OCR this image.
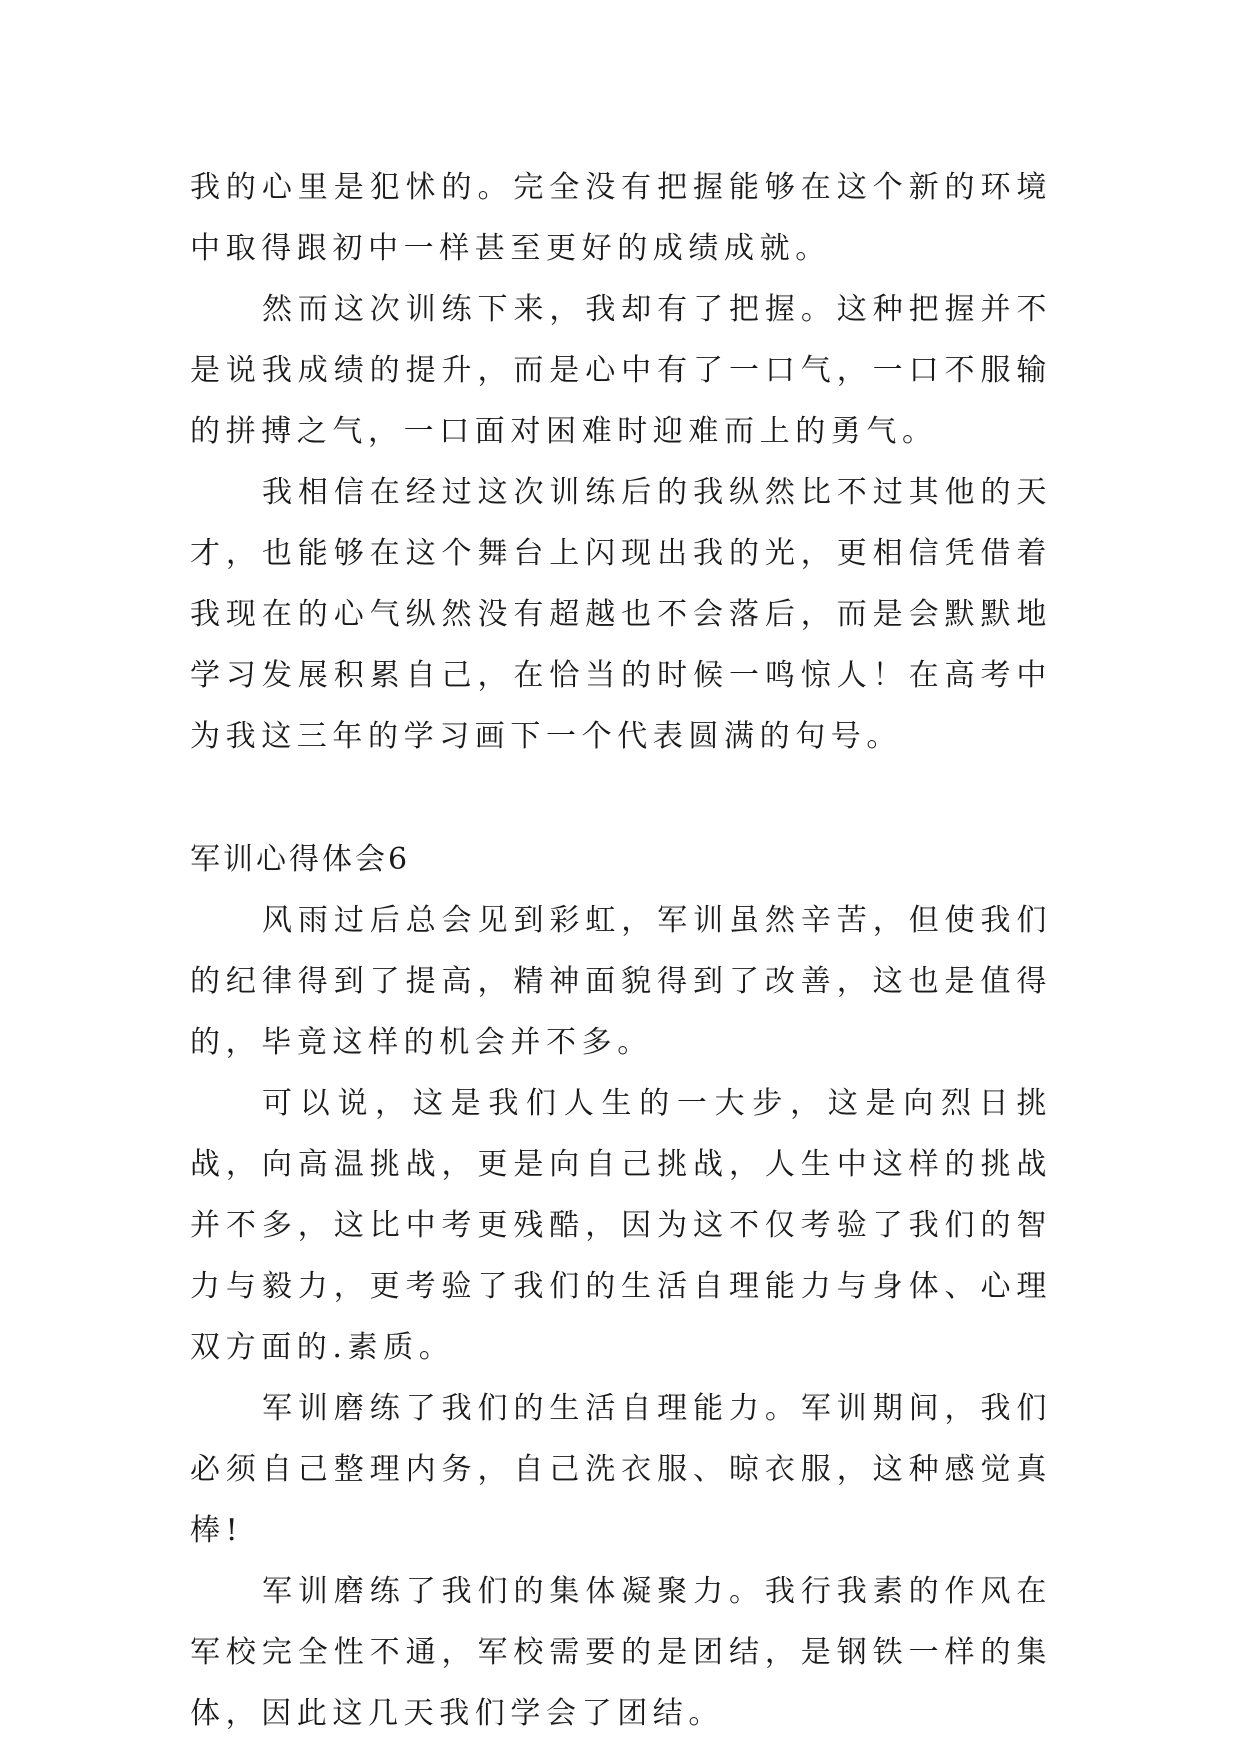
我的心里是犯怵的。完全没有把握能够在这个新的环境中取得跟初中一样甚至更好的成绩成就。

然而这次训练下来，我却有了把握。这种把握并不是说我成绩的提升，而是心中有了一口气，一口不服输的拼搏之气，一口面对困难时迎难而上的勇气。

我相信在经过这次训练后的我纵然比不过其他的天才，也能够在这个舞台上闪现出我的光，更相信凭借着我现在的心气纵然没有超越也不会落后，而是会默默地学习发展积累自己，在恰当的时候一鸣惊人！在高考中为我这三年的学习画下一个代表圆满的句号。

军训心得体会6

风雨过后总会见到彩虹，军训虽然辛苦，但使我们的纪律得到了提高，精神面貌得到了改善，这也是值得的，毕竟这样的机会并不多。

可以说，这是我们人生的一大步，这是向烈日挑战，向高温挑战，更是向自己挑战，人生中这样的挑战并不多，这比中考更残酷，因为这不仅考验了我们的智力与毅力，更考验了我们的生活自理能力与身体、心理双方面的.素质。

军训磨练了我们的生活自理能力。军训期间，我们必须自己整理内务，自己洗衣服、晾衣服，这种感觉真棒!

军训磨练了我们的集体凝聚力。我行我素的作风在军校完全性不通，军校需要的是团结，是钢铁一样的集体，因此这几天我们学会了团结。
